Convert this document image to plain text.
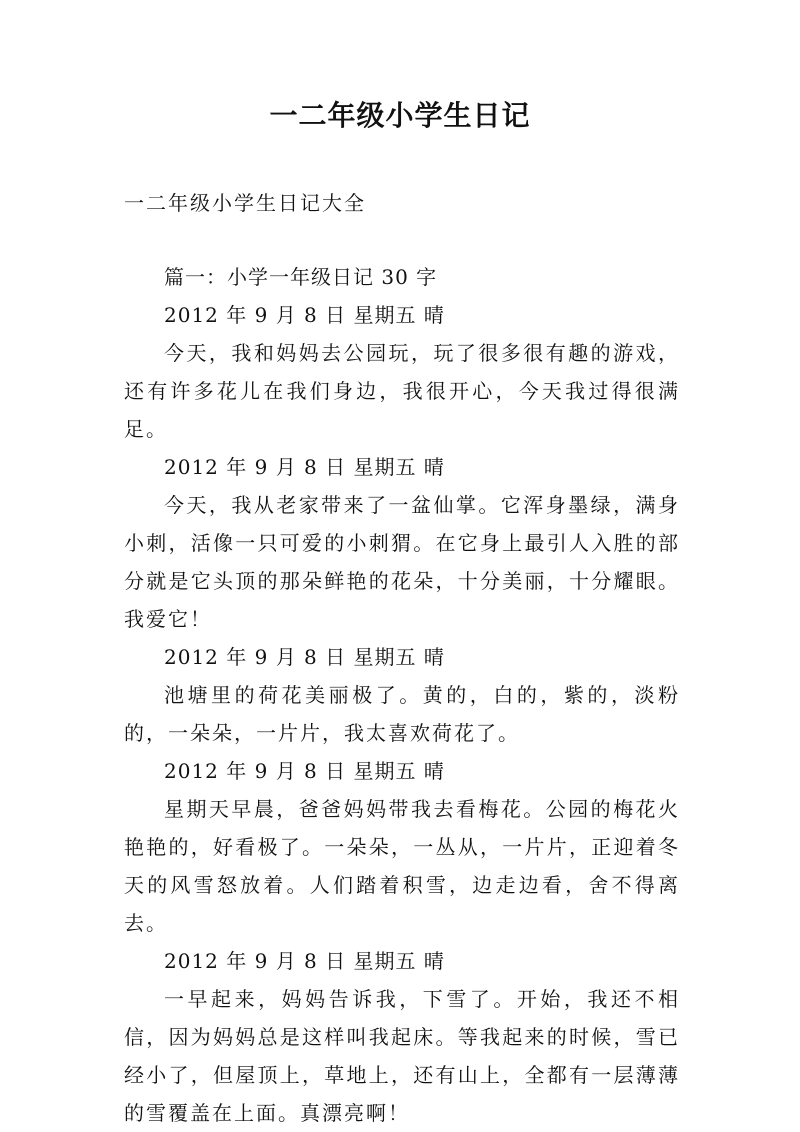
一二年级小学生日记
一二年级小学生日记大全

篇一：小学一年级日记 30 字

2012 年 9 月 8 日 星期五 晴

今天，我和妈妈去公园玩，玩了很多很有趣的游戏，还有许多花儿在我们身边，我很开心，今天我过得很满足。

2012 年 9 月 8 日 星期五 晴

今天，我从老家带来了一盆仙掌。它浑身墨绿，满身小刺，活像一只可爱的小刺猬。在它身上最引人入胜的部分就是它头顶的那朵鲜艳的花朵，十分美丽，十分耀眼。我爱它！

2012 年 9 月 8 日 星期五 晴

池塘里的荷花美丽极了。黄的，白的，紫的，淡粉的，一朵朵，一片片，我太喜欢荷花了。

2012 年 9 月 8 日 星期五 晴

星期天早晨，爸爸妈妈带我去看梅花。公园的梅花火艳艳的，好看极了。一朵朵，一丛从，一片片，正迎着冬天的风雪怒放着。人们踏着积雪，边走边看，舍不得离去。

2012 年 9 月 8 日 星期五 晴

一早起来，妈妈告诉我，下雪了。开始，我还不相信，因为妈妈总是这样叫我起床。等我起来的时候，雪已经小了，但屋顶上，草地上，还有山上，全都有一层薄薄的雪覆盖在上面。真漂亮啊！
